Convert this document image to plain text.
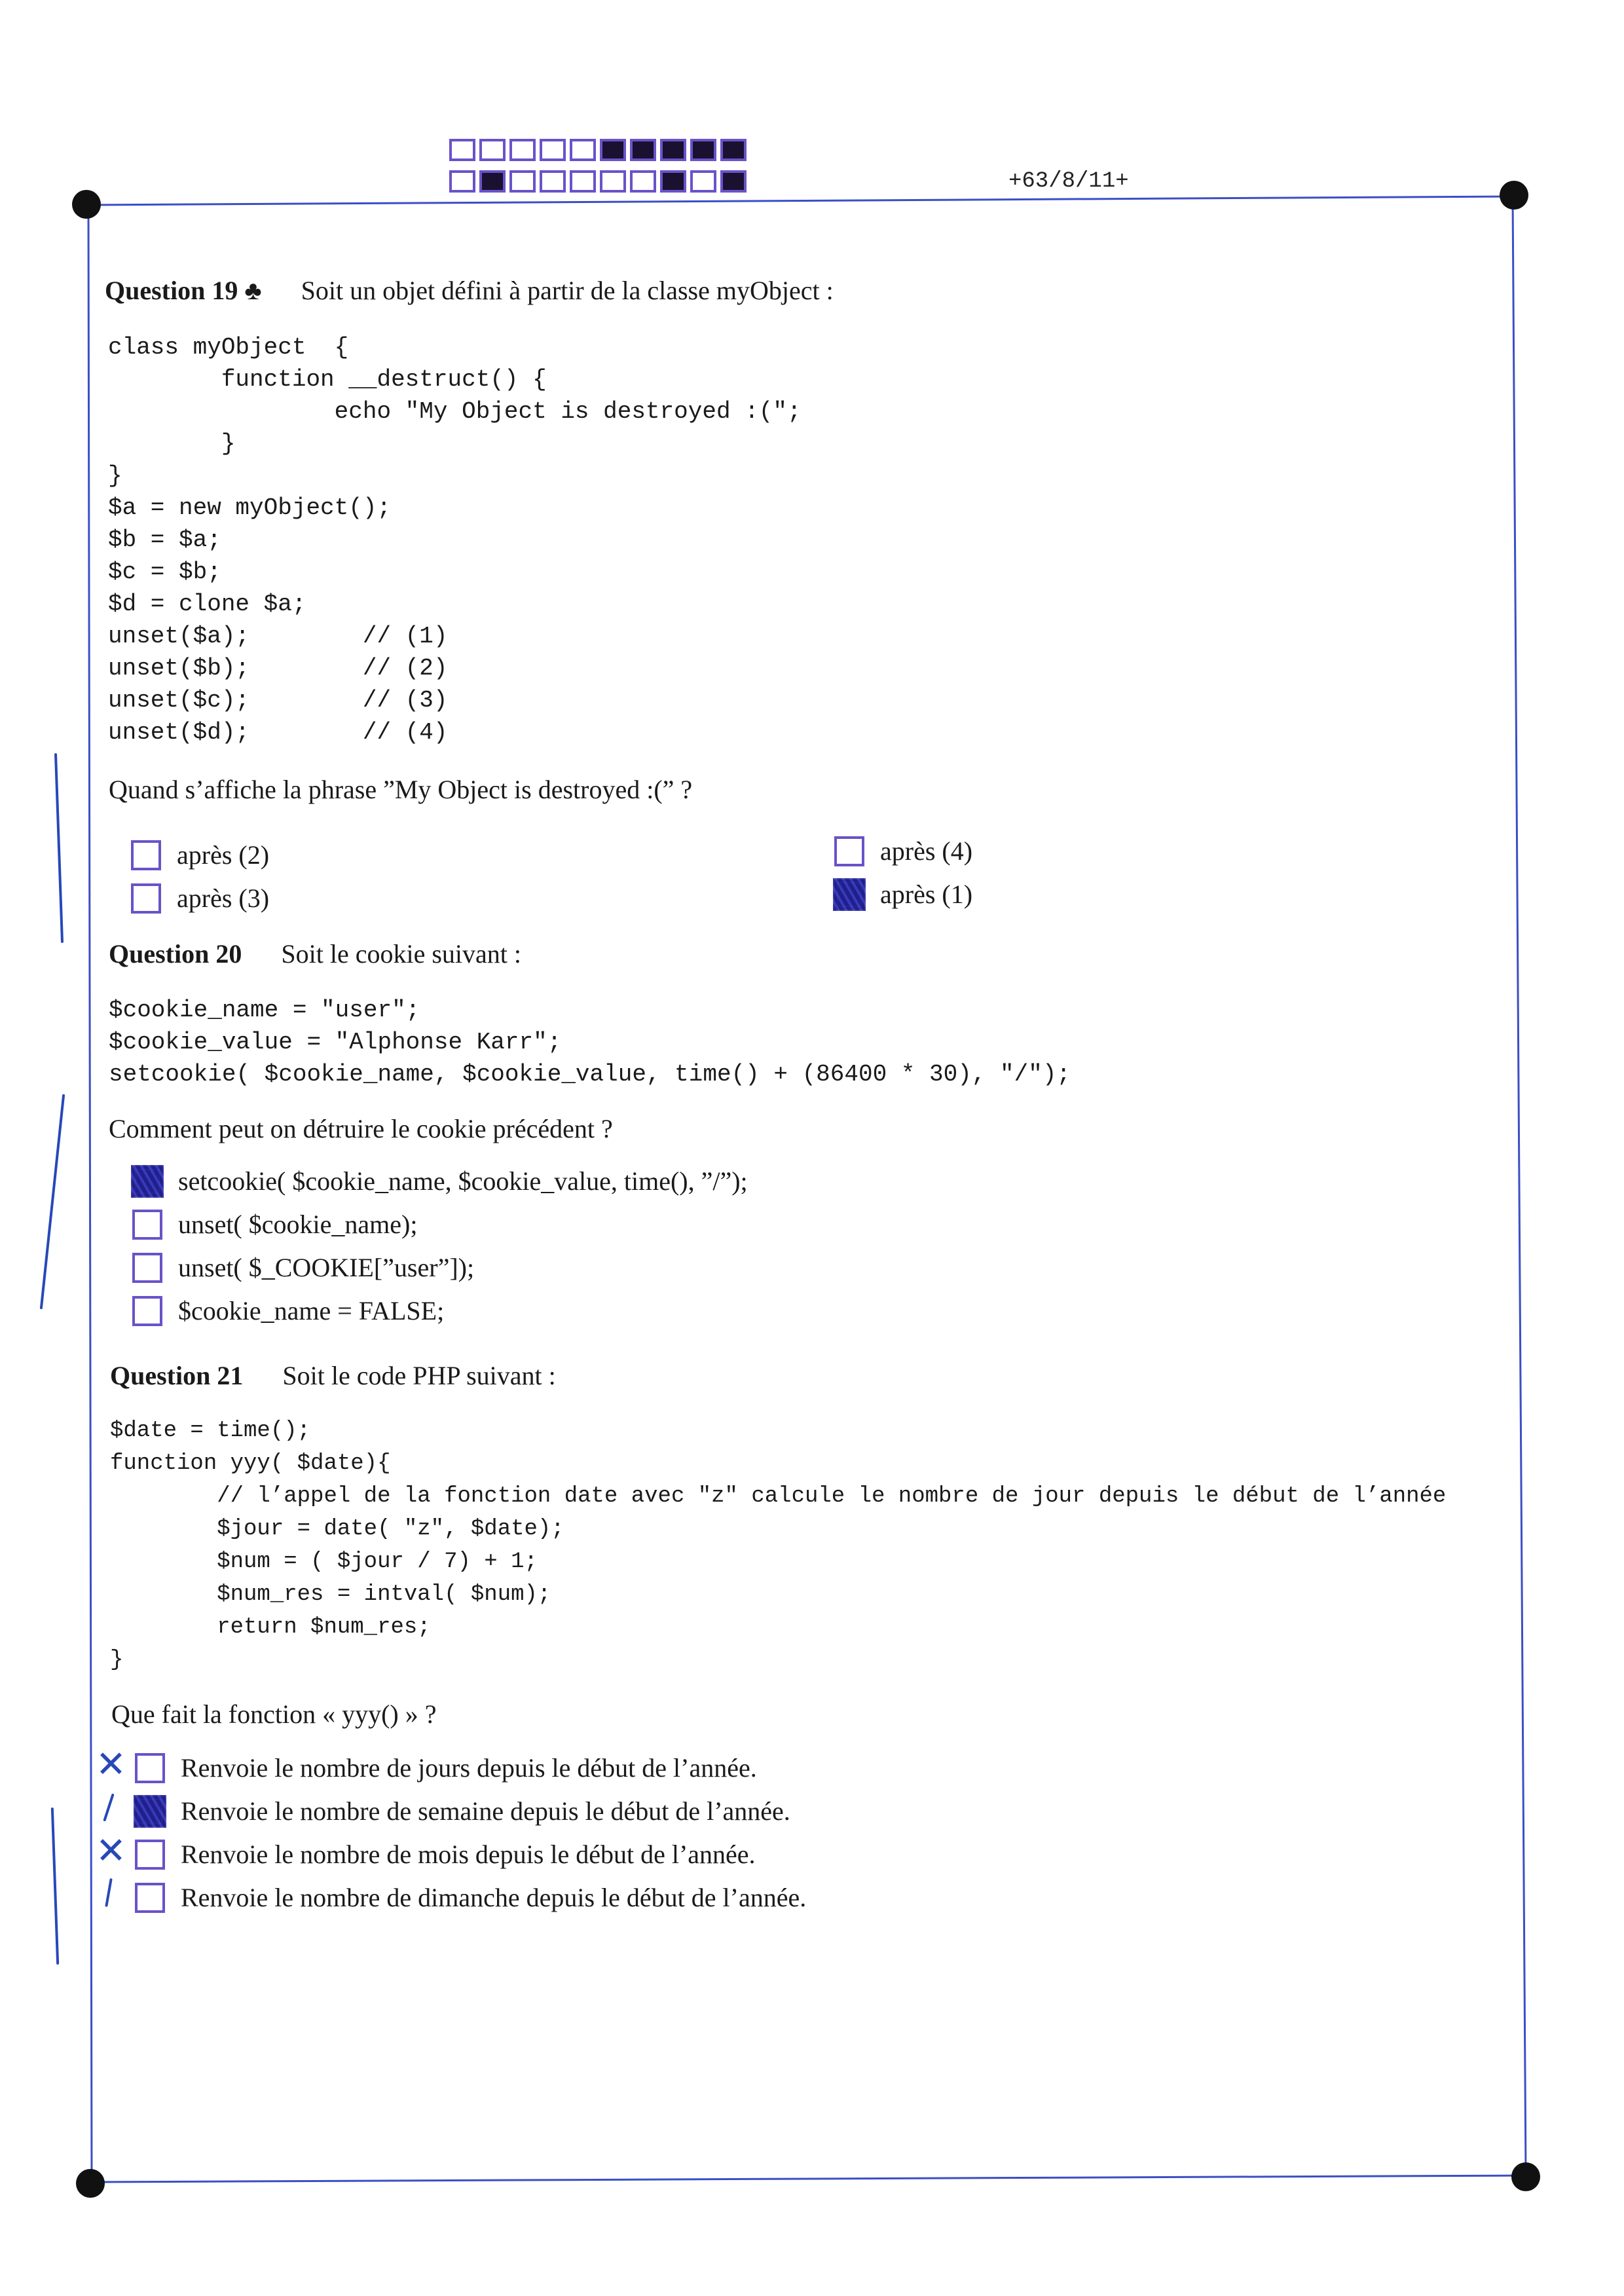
+63/8/11+
Question 19 ♣ Soit un objet défini à partir de la classe myObject :
class myObject  {
function __destruct() {
echo "My Object is destroyed :(";
}
}
$a = new myObject();
$b = $a;
$c = $b;
$d = clone $a;
unset($a);        // (1)
unset($b);        // (2)
unset($c);        // (3)
unset($d);        // (4)
Quand s’affiche la phrase ”My Object is destroyed :(” ?
après (2)
après (3)
après (4)
après (1)
Question 20 Soit le cookie suivant :
$cookie_name = "user";
$cookie_value = "Alphonse Karr";
setcookie( $cookie_name, $cookie_value, time() + (86400 * 30), "/");
Comment peut on détruire le cookie précédent ?
setcookie( $cookie_name, $cookie_value, time(), ”/”);
unset( $cookie_name);
unset( $_COOKIE[”user”]);
$cookie_name = FALSE;
Question 21 Soit le code PHP suivant :
$date = time();
function yyy( $date){
// l’appel de la fonction date avec "z" calcule le nombre de jour depuis le début de l’année
$jour = date( "z", $date);
$num = ( $jour / 7) + 1;
$num_res = intval( $num);
return $num_res;
}
Que fait la fonction « yyy() » ?
Renvoie le nombre de jours depuis le début de l’année.
Renvoie le nombre de semaine depuis le début de l’année.
Renvoie le nombre de mois depuis le début de l’année.
Renvoie le nombre de dimanche depuis le début de l’année.
✕
✕
